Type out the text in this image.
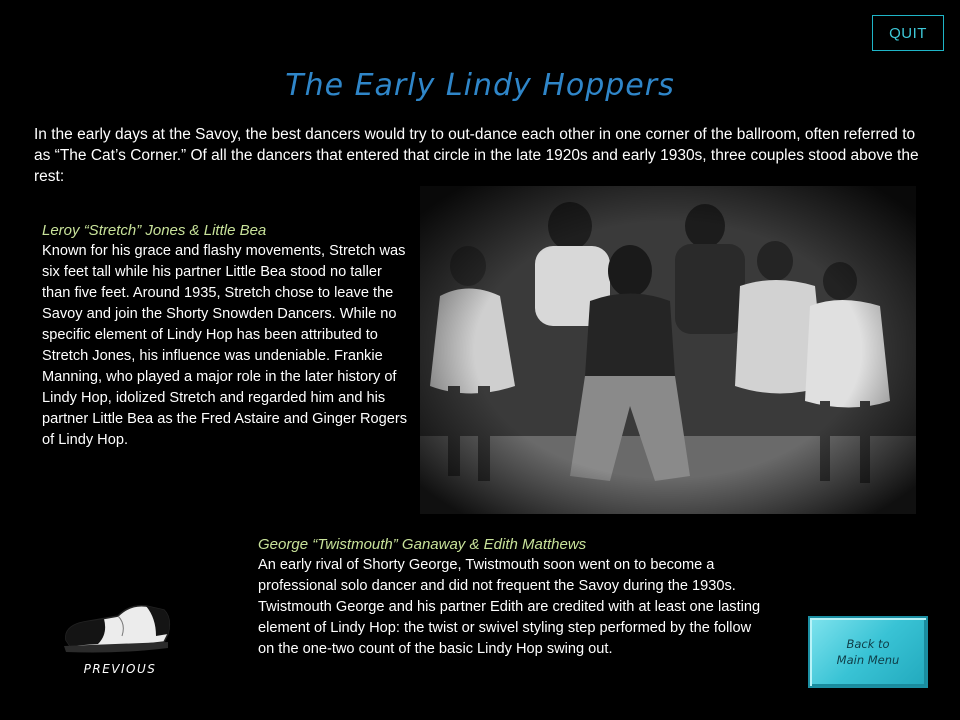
QUIT
The Early Lindy Hoppers

In the early days at the Savoy, the best dancers would try to out-dance each other in one corner of the ballroom, often referred to as “The Cat’s Corner.” Of all the dancers that entered that circle in the late 1920s and early 1930s, three couples stood above the rest:

Leroy “Stretch” Jones & Little Bea
Known for his grace and flashy movements, Stretch was six feet tall while his partner Little Bea stood no taller than five feet. Around 1935, Stretch chose to leave the Savoy and join the Shorty Snowden Dancers. While no specific element of Lindy Hop has been attributed to Stretch Jones, his influence was undeniable. Frankie Manning, who played a major role in the later history of Lindy Hop, idolized Stretch and regarded him and his partner Little Bea as the Fred Astaire and Ginger Rogers of Lindy Hop.
George “Twistmouth” Ganaway & Edith Matthews
An early rival of Shorty George, Twistmouth soon went on to become a professional solo dancer and did not frequent the Savoy during the 1930s. Twistmouth George and his partner Edith are credited with at least one lasting element of Lindy Hop: the twist or swivel styling step performed by the follow on the one-two count of the basic Lindy Hop swing out.
PREVIOUS
Back to
Main Menu
